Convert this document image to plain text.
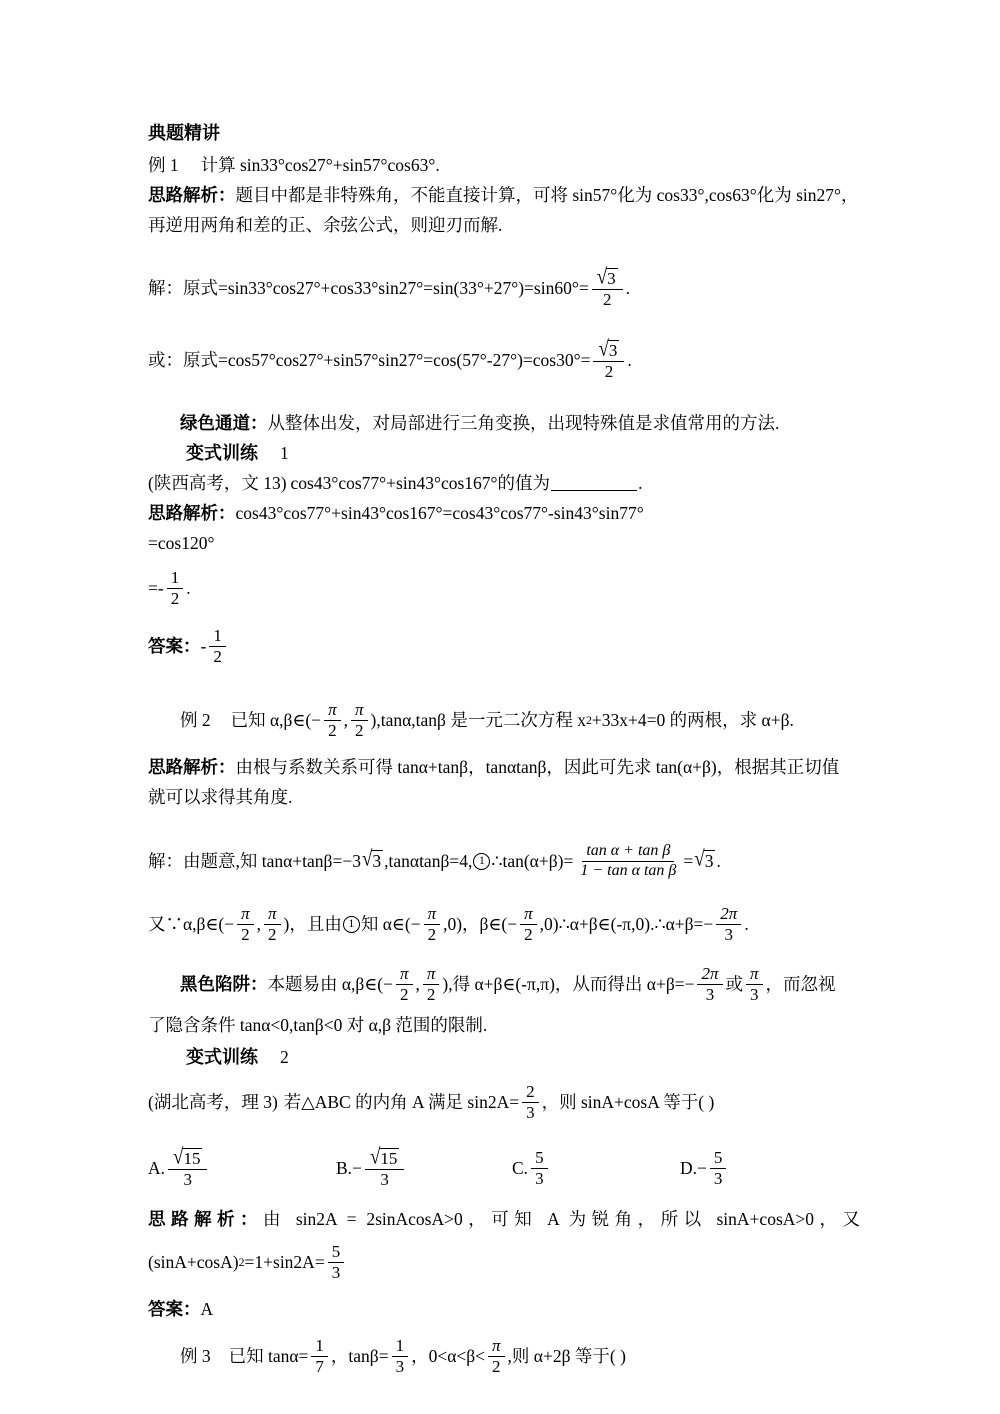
典题精讲
例 1 计算 sin33°cos27°+sin57°cos63°.
思路解析： 题目中都是非特殊角，不能直接计算，可将 sin57°化为 cos33°,cos63°化为 sin27°，
再逆用两角和差的正、余弦公式，则迎刃而解.
解： 原式$=\sin 33^\circ\cos 27^\circ+\cos 33^\circ\sin 27^\circ=\sin(33^\circ+27^\circ)=\sin 60^\circ= \frac{√ 3}{2}$ .
或： 原式$=\cos 57^\circ\cos 27^\circ+\sin 57^\circ\sin 27^\circ=\cos(57^\circ-27^\circ)=\cos 30^\circ= \frac{√ 3}{2}$ .
绿色通道： 从整体出发，对局部进行三角变换，出现特殊值是求值常用的方法.
变式训练 1
(陕西高考，文 13) cos43°cos77°+sin43°cos167°的值为	.
思路解析： cos43°cos77°+sin43°cos167°=cos43°cos77°-sin43°sin77°
=cos120°
=- $\frac{1}{2}$ .
答案： - $\frac{1}{2}$
例 2 已知 α,β∈(− $\frac{\pi}{2}$ , $\frac{\pi}{2} ),\tan\alpha,\tan\beta$ 是一元二次方程 x 2 +33x+4=0 的两根，求 α+β.
思路解析： 由根与系数关系可得 tanα+tanβ，tanαtanβ，因此可先求 tan(α+β)，根据其正切值
就可以求得其角度.
解： 由题意,知 tanα+tanβ=−3 √ 3 ,tanαtanβ=4, 1 ∴tan(α+β)= $\frac{\text{tan α + tan β}}{\text{1 − tan α tan β}}$ = √ 3 .
又∵α,β∈(− $\frac{\pi}{2}$ , $\frac{\pi}{2}$ )，且由 1 知 α∈(− $\frac{\pi}{2} ,0$)，β∈(− $\frac{\pi}{2}$ ,0)∴α+β∈(-π,0).∴α+β=− $\frac{2\pi}{3}$ .
黑色陷阱： 本题易由 α,β∈(− $\frac{\pi}{2}$ , $\frac{\pi}{2}$ ),得 α+β∈(-π,π)，从而得出 $\alpha+\beta=- \frac{2\pi}{3}$ 或 $\frac{\pi}{3}$ ，而忽视
了隐含条件 tanα<0,tanβ<0 对 α,β 范围的限制.
变式训练 2
(湖北高考，理 3) 若△ABC 的内角 A 满足 $\sin 2A= \frac{2}{3}$ ，则 sinA+cosA 等于( )
A. $\frac{√ 15}{3}$	B. − $\frac{√ 15}{3}$	C. $\frac{5}{3}$	D. − $\frac{5}{3}$
思路解析：由 sin2A = 2sinAcosA>0，可知 A 为锐角，所以 sinA+cosA>0，又
(sinA+cosA) $2 =1+\sin 2A= \frac{5}{3}$
答案： A
例 3 已知 $\tan\alpha= \frac{1}{7}$ ，$\tan\beta= \frac{1}{3}$ ，$0<\alpha<\beta< \frac{\pi}{2}$ ,则 α+2β 等于( )
